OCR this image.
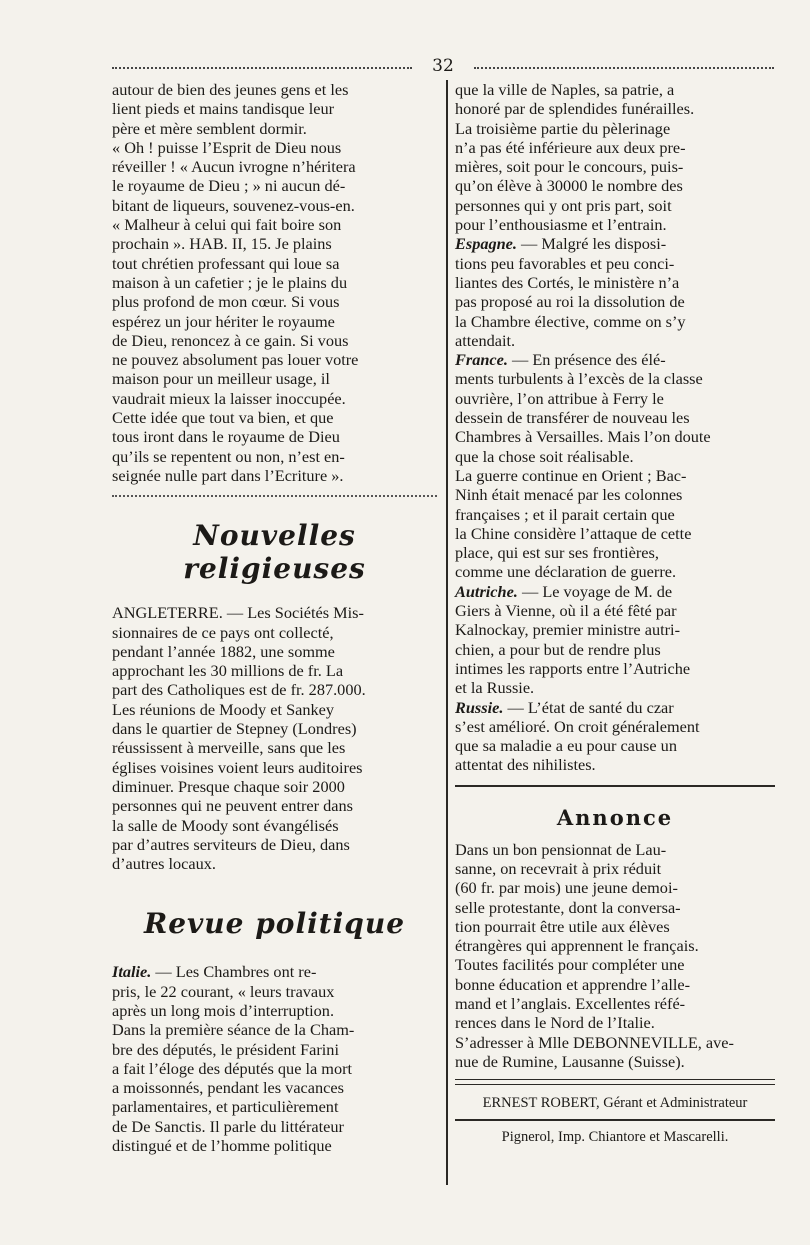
32

autour de bien des jeunes gens et les
lient pieds et mains tandisque leur
père et mère semblent dormir.

« Oh ! puisse l’Esprit de Dieu nous
réveiller ! « Aucun ivrogne n’héritera
le royaume de Dieu ; » ni aucun dé-
bitant de liqueurs, souvenez-vous-en.
« Malheur à celui qui fait boire son
prochain ». HAB. II, 15. Je plains
tout chrétien professant qui loue sa
maison à un cafetier ; je le plains du
plus profond de mon cœur. Si vous
espérez un jour hériter le royaume
de Dieu, renoncez à ce gain. Si vous
ne pouvez absolument pas louer votre
maison pour un meilleur usage, il
vaudrait mieux la laisser inoccupée.
Cette idée que tout va bien, et que
tous iront dans le royaume de Dieu
qu’ils se repentent ou non, n’est en-
seignée nulle part dans l’Ecriture ».

Nouvelles religieuses

ANGLETERRE. — Les Sociétés Mis-
sionnaires de ce pays ont collecté,
pendant l’année 1882, une somme
approchant les 30 millions de fr. La
part des Catholiques est de fr. 287.000.

Les réunions de Moody et Sankey
dans le quartier de Stepney (Londres)
réussissent à merveille, sans que les
églises voisines voient leurs auditoires
diminuer. Presque chaque soir 2000
personnes qui ne peuvent entrer dans
la salle de Moody sont évangélisés
par d’autres serviteurs de Dieu, dans
d’autres locaux.

Revue politique

Italie. — Les Chambres ont re-
pris, le 22 courant, « leurs travaux
après un long mois d’interruption.
Dans la première séance de la Cham-
bre des députés, le président Farini
a fait l’éloge des députés que la mort
a moissonnés, pendant les vacances
parlamentaires, et particulièrement
de De Sanctis. Il parle du littérateur
distingué et de l’homme politique

que la ville de Naples, sa patrie, a
honoré par de splendides funérailles.

La troisième partie du pèlerinage
n’a pas été inférieure aux deux pre-
mières, soit pour le concours, puis-
qu’on élève à 30000 le nombre des
personnes qui y ont pris part, soit
pour l’enthousiasme et l’entrain.

Espagne. — Malgré les disposi-
tions peu favorables et peu conci-
liantes des Cortés, le ministère n’a
pas proposé au roi la dissolution de
la Chambre élective, comme on s’y
attendait.

France. — En présence des élé-
ments turbulents à l’excès de la classe
ouvrière, l’on attribue à Ferry le
dessein de transférer de nouveau les
Chambres à Versailles. Mais l’on doute
que la chose soit réalisable.

La guerre continue en Orient ; Bac-
Ninh était menacé par les colonnes
françaises ; et il parait certain que
la Chine considère l’attaque de cette
place, qui est sur ses frontières,
comme une déclaration de guerre.

Autriche. — Le voyage de M. de
Giers à Vienne, où il a été fêté par
Kalnockay, premier ministre autri-
chien, a pour but de rendre plus
intimes les rapports entre l’Autriche
et la Russie.

Russie. — L’état de santé du czar
s’est amélioré. On croit généralement
que sa maladie a eu pour cause un
attentat des nihilistes.

Annonce

Dans un bon pensionnat de Lau-
sanne, on recevrait à prix réduit
(60 fr. par mois) une jeune demoi-
selle protestante, dont la conversa-
tion pourrait être utile aux élèves
étrangères qui apprennent le français.
Toutes facilités pour compléter une
bonne éducation et apprendre l’alle-
mand et l’anglais. Excellentes réfé-
rences dans le Nord de l’Italie.

S’adresser à Mlle DEBONNEVILLE, ave-
nue de Rumine, Lausanne (Suisse).

ERNEST ROBERT, Gérant et Administrateur
Pignerol, Imp. Chiantore et Mascarelli.
